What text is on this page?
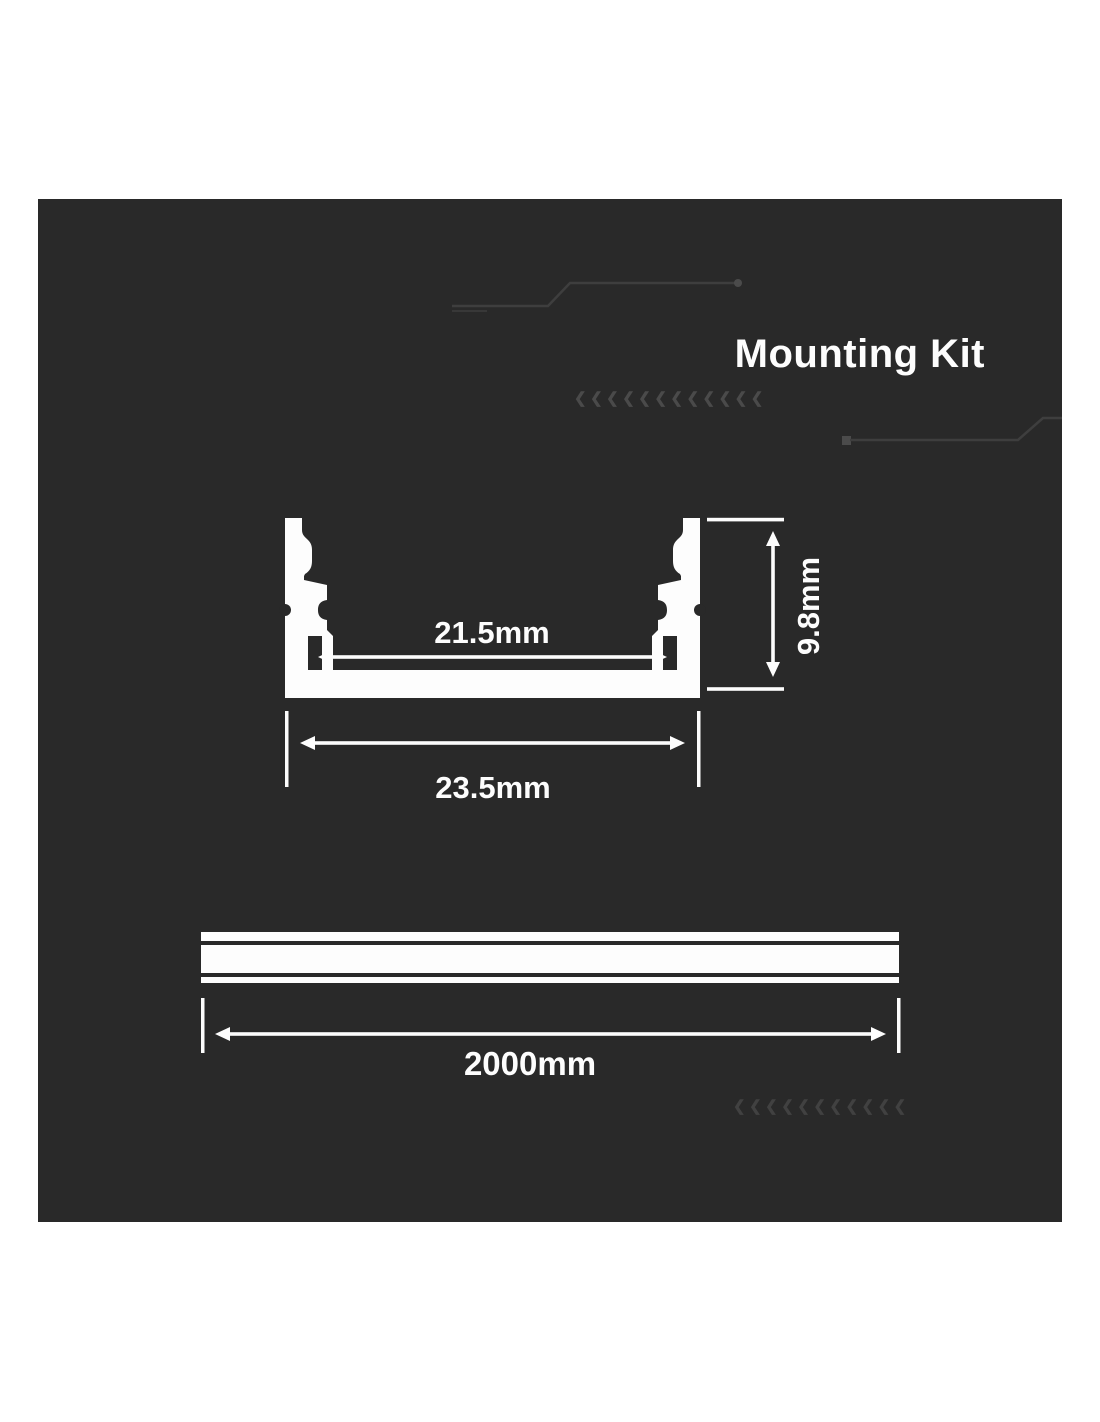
Mounting Kit
❮❮❮❮❮❮❮❮❮❮❮❮
21.5mm
23.5mm
9.8mm
2000mm
❮❮❮❮❮❮❮❮❮❮❮
